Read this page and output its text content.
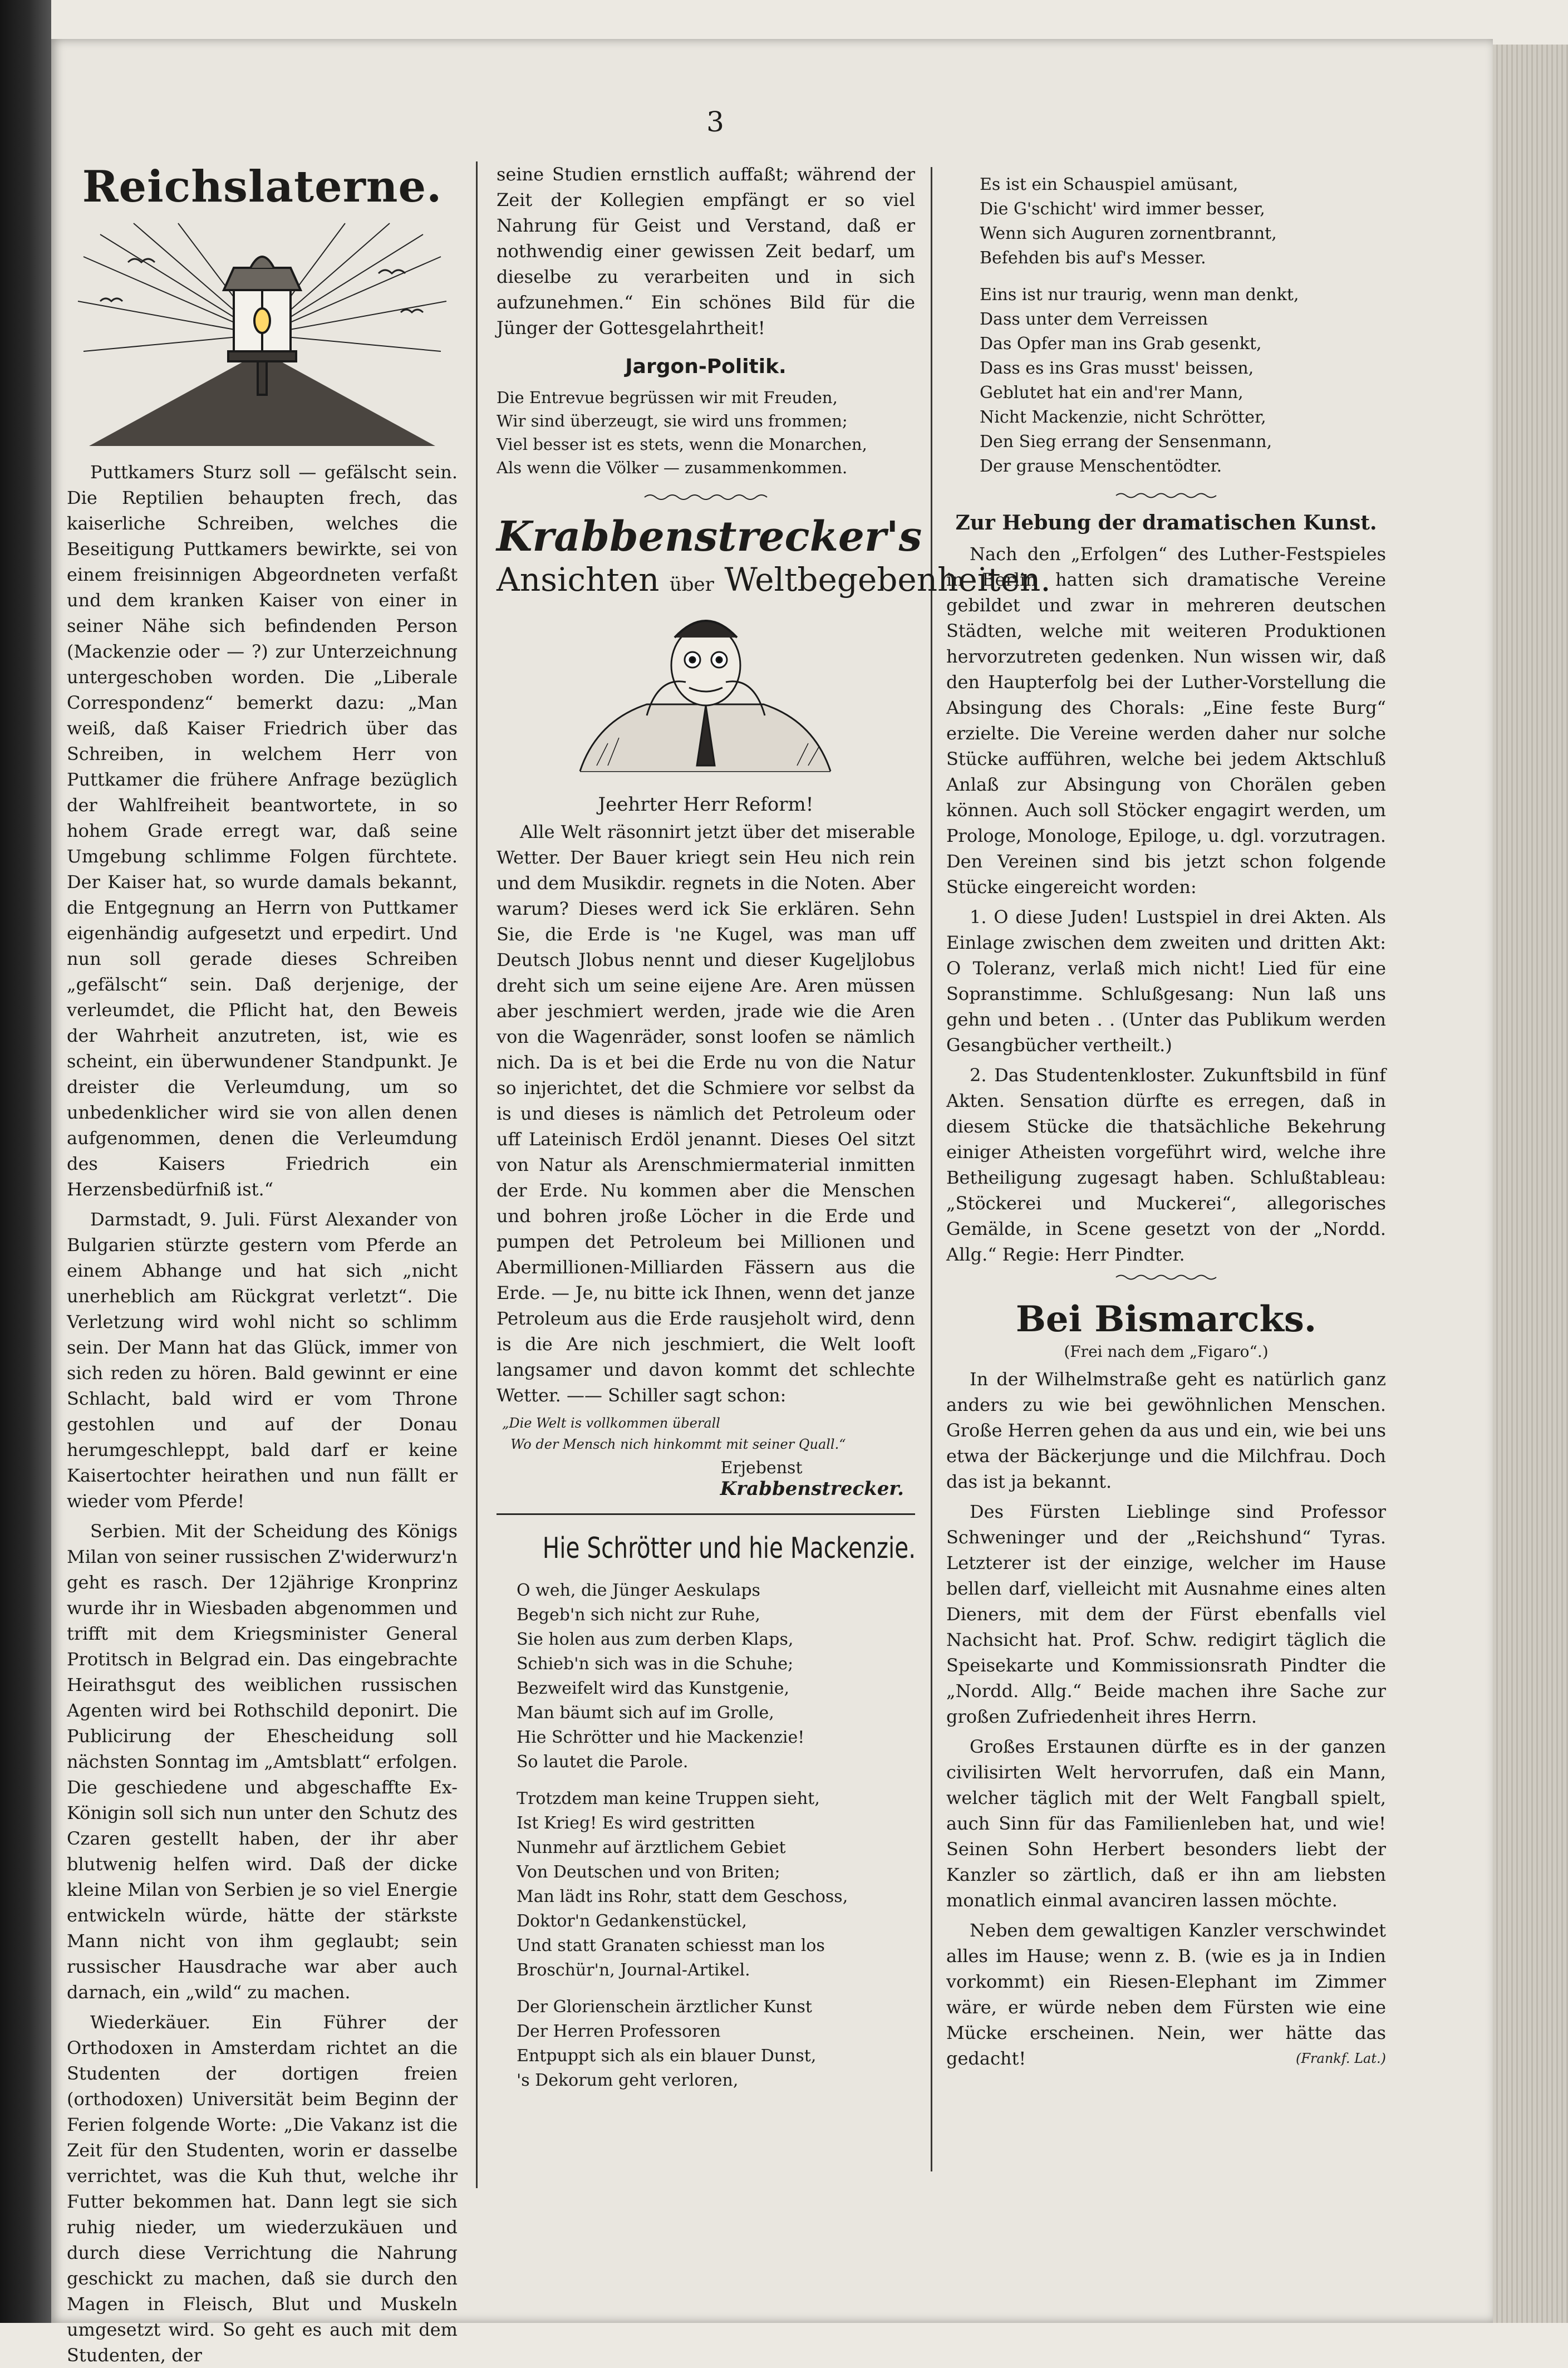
3
Reichslaterne.

Puttkamers Sturz soll — gefälscht sein. Die Reptilien behaupten frech, das kaiserliche Schreiben, welches die Beseitigung Puttkamers bewirkte, sei von einem freisinnigen Abgeordneten verfaßt und dem kranken Kaiser von einer in seiner Nähe sich befindenden Person (Mackenzie oder — ?) zur Unterzeichnung untergeschoben worden. Die „Liberale Correspondenz“ bemerkt dazu: „Man weiß, daß Kaiser Friedrich über das Schreiben, in welchem Herr von Puttkamer die frühere Anfrage bezüglich der Wahlfreiheit beantwortete, in so hohem Grade erregt war, daß seine Umgebung schlimme Folgen fürchtete. Der Kaiser hat, so wurde damals bekannt, die Entgegnung an Herrn von Puttkamer eigenhändig aufgesetzt und erpedirt. Und nun soll gerade dieses Schreiben „gefälscht“ sein. Daß derjenige, der verleumdet, die Pflicht hat, den Beweis der Wahrheit anzutreten, ist, wie es scheint, ein überwundener Standpunkt. Je dreister die Verleumdung, um so unbedenklicher wird sie von allen denen aufgenommen, denen die Verleumdung des Kaisers Friedrich ein Herzensbedürfniß ist.“

Darmstadt, 9. Juli. Fürst Alexander von Bulgarien stürzte gestern vom Pferde an einem Abhange und hat sich „nicht unerheblich am Rückgrat verletzt“. Die Verletzung wird wohl nicht so schlimm sein. Der Mann hat das Glück, immer von sich reden zu hören. Bald gewinnt er eine Schlacht, bald wird er vom Throne gestohlen und auf der Donau herumgeschleppt, bald darf er keine Kaisertochter heirathen und nun fällt er wieder vom Pferde!

Serbien. Mit der Scheidung des Königs Milan von seiner russischen Z'widerwurz'n geht es rasch. Der 12jährige Kronprinz wurde ihr in Wiesbaden abgenommen und trifft mit dem Kriegsminister General Protitsch in Belgrad ein. Das eingebrachte Heirathsgut des weiblichen russischen Agenten wird bei Rothschild deponirt. Die Publicirung der Ehescheidung soll nächsten Sonntag im „Amtsblatt“ erfolgen. Die geschiedene und abgeschaffte Ex-Königin soll sich nun unter den Schutz des Czaren gestellt haben, der ihr aber blutwenig helfen wird. Daß der dicke kleine Milan von Serbien je so viel Energie entwickeln würde, hätte der stärkste Mann nicht von ihm geglaubt; sein russischer Hausdrache war aber auch darnach, ein „wild“ zu machen.

Wiederkäuer. Ein Führer der Orthodoxen in Amsterdam richtet an die Studenten der dortigen freien (orthodoxen) Universität beim Beginn der Ferien folgende Worte: „Die Vakanz ist die Zeit für den Studenten, worin er dasselbe verrichtet, was die Kuh thut, welche ihr Futter bekommen hat. Dann legt sie sich ruhig nieder, um wiederzukäuen und durch diese Verrichtung die Nahrung geschickt zu machen, daß sie durch den Magen in Fleisch, Blut und Muskeln umgesetzt wird. So geht es auch mit dem Studenten, der

seine Studien ernstlich auffaßt; während der Zeit der Kollegien empfängt er so viel Nahrung für Geist und Verstand, daß er nothwendig einer gewissen Zeit bedarf, um dieselbe zu verarbeiten und in sich aufzunehmen.“ Ein schönes Bild für die Jünger der Gottesgelahrtheit!

Jargon-Politik.
Die Entrevue begrüssen wir mit Freuden,
Wir sind überzeugt, sie wird uns frommen;
Viel besser ist es stets, wenn die Monarchen,
Als wenn die Völker — zusammenkommen.
Krabbenstrecker's
Ansichten über Weltbegebenheiten.
Jeehrter Herr Reform!

Alle Welt räsonnirt jetzt über det miserable Wetter. Der Bauer kriegt sein Heu nich rein und dem Musikdir. regnets in die Noten. Aber warum? Dieses werd ick Sie erklären. Sehn Sie, die Erde is 'ne Kugel, was man uff Deutsch Jlobus nennt und dieser Kugeljlobus dreht sich um seine eijene Are. Aren müssen aber jeschmiert werden, jrade wie die Aren von die Wagenräder, sonst loofen se nämlich nich. Da is et bei die Erde nu von die Natur so injerichtet, det die Schmiere vor selbst da is und dieses is nämlich det Petroleum oder uff Lateinisch Erdöl jenannt. Dieses Oel sitzt von Natur als Arenschmiermaterial inmitten der Erde. Nu kommen aber die Menschen und bohren jroße Löcher in die Erde und pumpen det Petroleum bei Millionen und Abermillionen-Milliarden Fässern aus die Erde. — Je, nu bitte ick Ihnen, wenn det janze Petroleum aus die Erde rausjeholt wird, denn is die Are nich jeschmiert, die Welt looft langsamer und davon kommt det schlechte Wetter. —— Schiller sagt schon:

„Die Welt is vollkommen überall
Wo der Mensch nich hinkommt mit seiner Quall.“
Erjebenst
Krabbenstrecker.
Hie Schrötter und hie Mackenzie.
O weh, die Jünger Aeskulaps
Begeb'n sich nicht zur Ruhe,
Sie holen aus zum derben Klaps,
Schieb'n sich was in die Schuhe;
Bezweifelt wird das Kunstgenie,
Man bäumt sich auf im Grolle,
Hie Schrötter und hie Mackenzie!
So lautet die Parole.
Trotzdem man keine Truppen sieht,
Ist Krieg! Es wird gestritten
Nunmehr auf ärztlichem Gebiet
Von Deutschen und von Briten;
Man lädt ins Rohr, statt dem Geschoss,
Doktor'n Gedankenstückel,
Und statt Granaten schiesst man los
Broschür'n, Journal-Artikel.
Der Glorienschein ärztlicher Kunst
Der Herren Professoren
Entpuppt sich als ein blauer Dunst,
's Dekorum geht verloren,
Es ist ein Schauspiel amüsant,
Die G'schicht' wird immer besser,
Wenn sich Auguren zornentbrannt,
Befehden bis auf's Messer.
Eins ist nur traurig, wenn man denkt,
Dass unter dem Verreissen
Das Opfer man ins Grab gesenkt,
Dass es ins Gras musst' beissen,
Geblutet hat ein and'rer Mann,
Nicht Mackenzie, nicht Schrötter,
Den Sieg errang der Sensenmann,
Der grause Menschentödter.
Zur Hebung der dramatischen Kunst.

Nach den „Erfolgen“ des Luther-Festspieles in Berlin hatten sich dramatische Vereine gebildet und zwar in mehreren deutschen Städten, welche mit weiteren Produktionen hervorzutreten gedenken. Nun wissen wir, daß den Haupterfolg bei der Luther-Vorstellung die Absingung des Chorals: „Eine feste Burg“ erzielte. Die Vereine werden daher nur solche Stücke aufführen, welche bei jedem Aktschluß Anlaß zur Absingung von Chorälen geben können. Auch soll Stöcker engagirt werden, um Prologe, Monologe, Epiloge, u. dgl. vorzutragen. Den Vereinen sind bis jetzt schon folgende Stücke eingereicht worden:

1. O diese Juden! Lustspiel in drei Akten. Als Einlage zwischen dem zweiten und dritten Akt: O Toleranz, verlaß mich nicht! Lied für eine Sopranstimme. Schlußgesang: Nun laß uns gehn und beten . . (Unter das Publikum werden Gesangbücher vertheilt.)

2. Das Studentenkloster. Zukunftsbild in fünf Akten. Sensation dürfte es erregen, daß in diesem Stücke die thatsächliche Bekehrung einiger Atheisten vorgeführt wird, welche ihre Betheiligung zugesagt haben. Schlußtableau: „Stöckerei und Muckerei“, allegorisches Gemälde, in Scene gesetzt von der „Nordd. Allg.“ Regie: Herr Pindter.

Bei Bismarcks.
(Frei nach dem „Figaro“.)

In der Wilhelmstraße geht es natürlich ganz anders zu wie bei gewöhnlichen Menschen. Große Herren gehen da aus und ein, wie bei uns etwa der Bäckerjunge und die Milchfrau. Doch das ist ja bekannt.

Des Fürsten Lieblinge sind Professor Schweninger und der „Reichshund“ Tyras. Letzterer ist der einzige, welcher im Hause bellen darf, vielleicht mit Ausnahme eines alten Dieners, mit dem der Fürst ebenfalls viel Nachsicht hat. Prof. Schw. redigirt täglich die Speisekarte und Kommissionsrath Pindter die „Nordd. Allg.“ Beide machen ihre Sache zur großen Zufriedenheit ihres Herrn.

Großes Erstaunen dürfte es in der ganzen civilisirten Welt hervorrufen, daß ein Mann, welcher täglich mit der Welt Fangball spielt, auch Sinn für das Familienleben hat, und wie! Seinen Sohn Herbert besonders liebt der Kanzler so zärtlich, daß er ihn am liebsten monatlich einmal avanciren lassen möchte.

Neben dem gewaltigen Kanzler verschwindet alles im Hause; wenn z. B. (wie es ja in Indien vorkommt) ein Riesen-Elephant im Zimmer wäre, er würde neben dem Fürsten wie eine Mücke erscheinen. Nein, wer hätte das gedacht!	(Frankf. Lat.)
